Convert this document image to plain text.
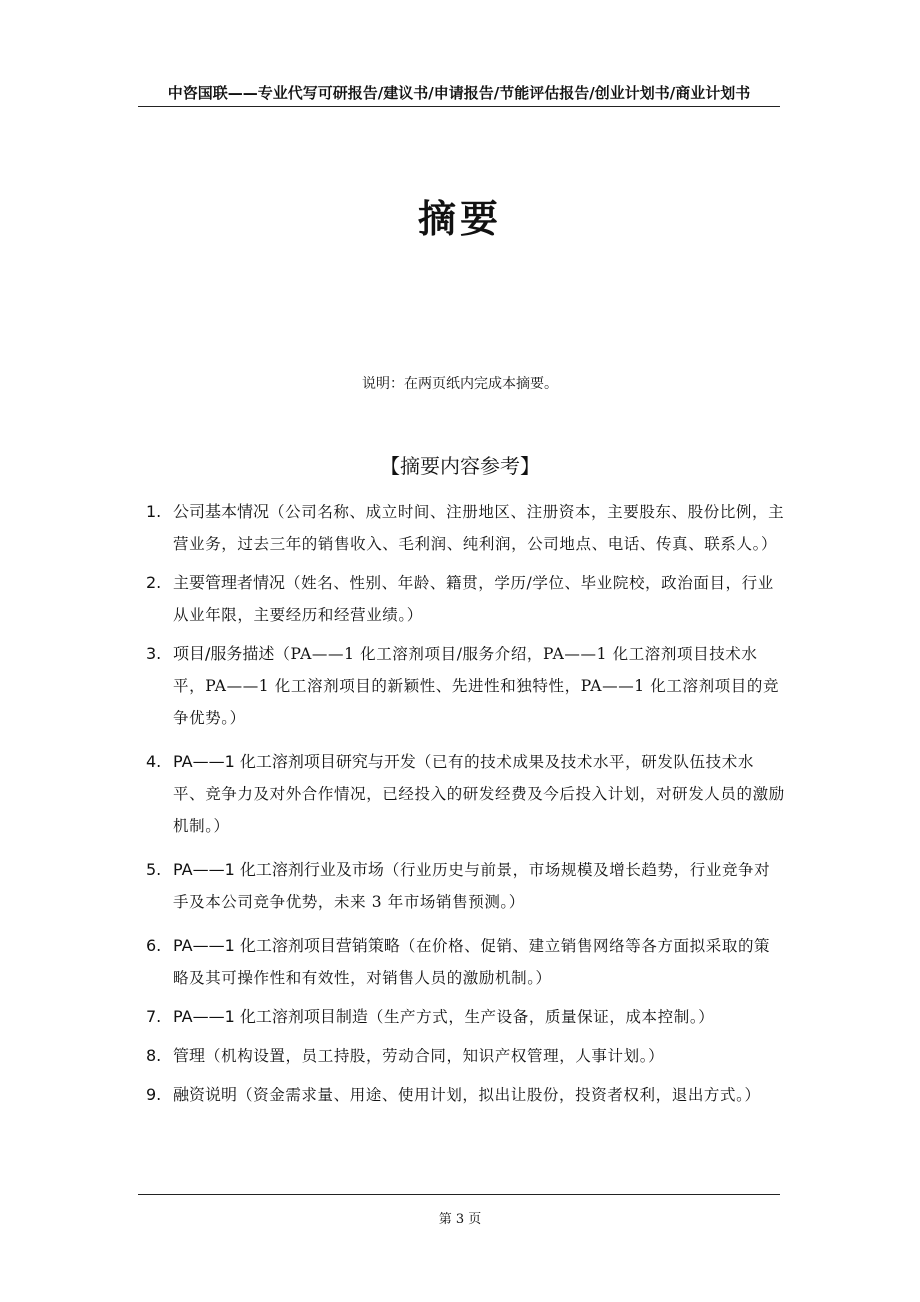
中咨国联——专业代写可研报告/建议书/申请报告/节能评估报告/创业计划书/商业计划书
摘要
说明：在两页纸内完成本摘要。
【摘要内容参考】
1. 公司基本情况（公司名称、成立时间、注册地区、注册资本，主要股东、股份比例，主营业务，过去三年的销售收入、毛利润、纯利润，公司地点、电话、传真、联系人。）
2. 主要管理者情况（姓名、性别、年龄、籍贯，学历/学位、毕业院校，政治面目，行业从业年限，主要经历和经营业绩。）
3. 项目/服务描述（PA——1 化工溶剂项目/服务介绍，PA——1 化工溶剂项目技术水平，PA——1 化工溶剂项目的新颖性、先进性和独特性，PA——1 化工溶剂项目的竞争优势。）
4. PA——1 化工溶剂项目研究与开发（已有的技术成果及技术水平，研发队伍技术水平、竞争力及对外合作情况，已经投入的研发经费及今后投入计划，对研发人员的激励机制。）
5. PA——1 化工溶剂行业及市场（行业历史与前景，市场规模及增长趋势，行业竞争对手及本公司竞争优势，未来 3 年市场销售预测。）
6. PA——1 化工溶剂项目营销策略（在价格、促销、建立销售网络等各方面拟采取的策略及其可操作性和有效性，对销售人员的激励机制。）
7. PA——1 化工溶剂项目制造（生产方式，生产设备，质量保证，成本控制。）
8. 管理（机构设置，员工持股，劳动合同，知识产权管理，人事计划。）
9. 融资说明（资金需求量、用途、使用计划，拟出让股份，投资者权利，退出方式。）
第 3 页
